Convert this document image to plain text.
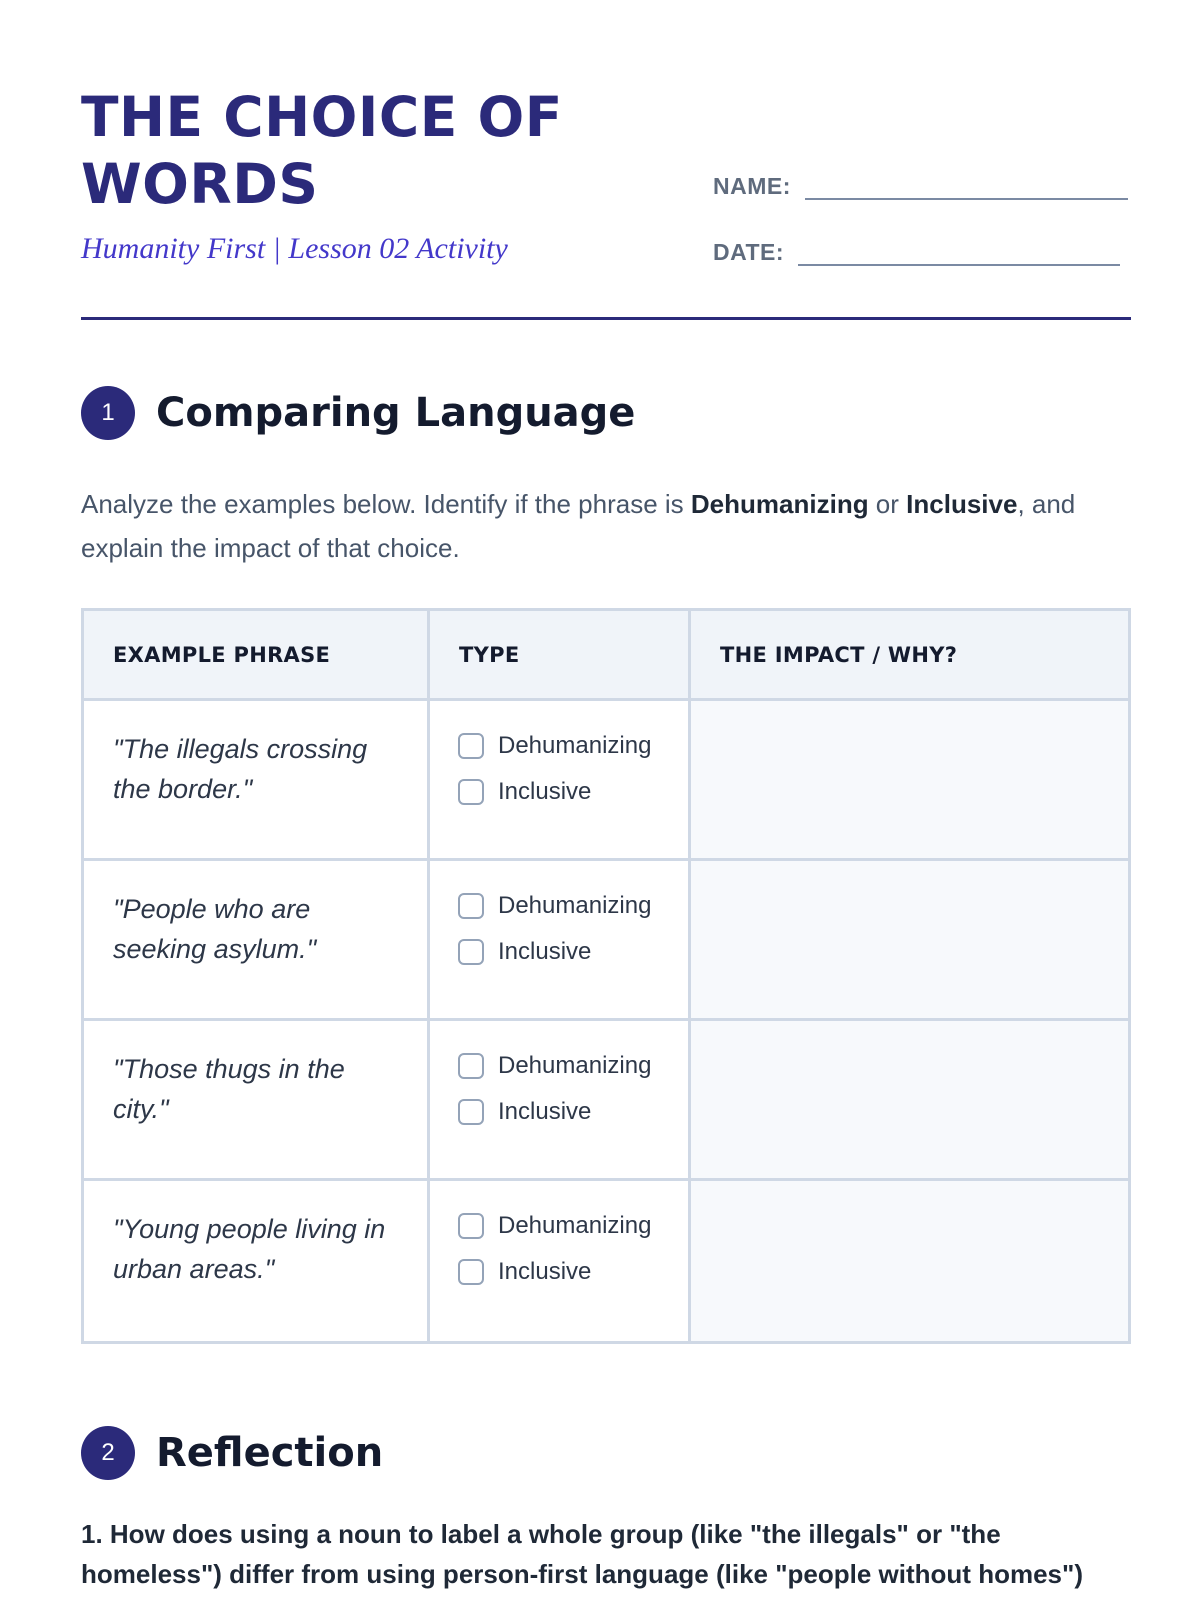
THE CHOICE OF WORDS
Humanity First | Lesson 02 Activity
NAME:
DATE:
1	Comparing Language

Analyze the examples below. Identify if the phrase is Dehumanizing or Inclusive, and explain the impact of that choice.

EXAMPLE PHRASE	TYPE	THE IMPACT / WHY?
"The illegals crossing the border."
Dehumanizing
Inclusive
"People who are seeking asylum."
Dehumanizing
Inclusive
"Those thugs in the city."
Dehumanizing
Inclusive
"Young people living in urban areas."
Dehumanizing
Inclusive
2	Reflection

1. How does using a noun to label a whole group (like "the illegals" or "the homeless") differ from using person-first language (like "people without homes")
